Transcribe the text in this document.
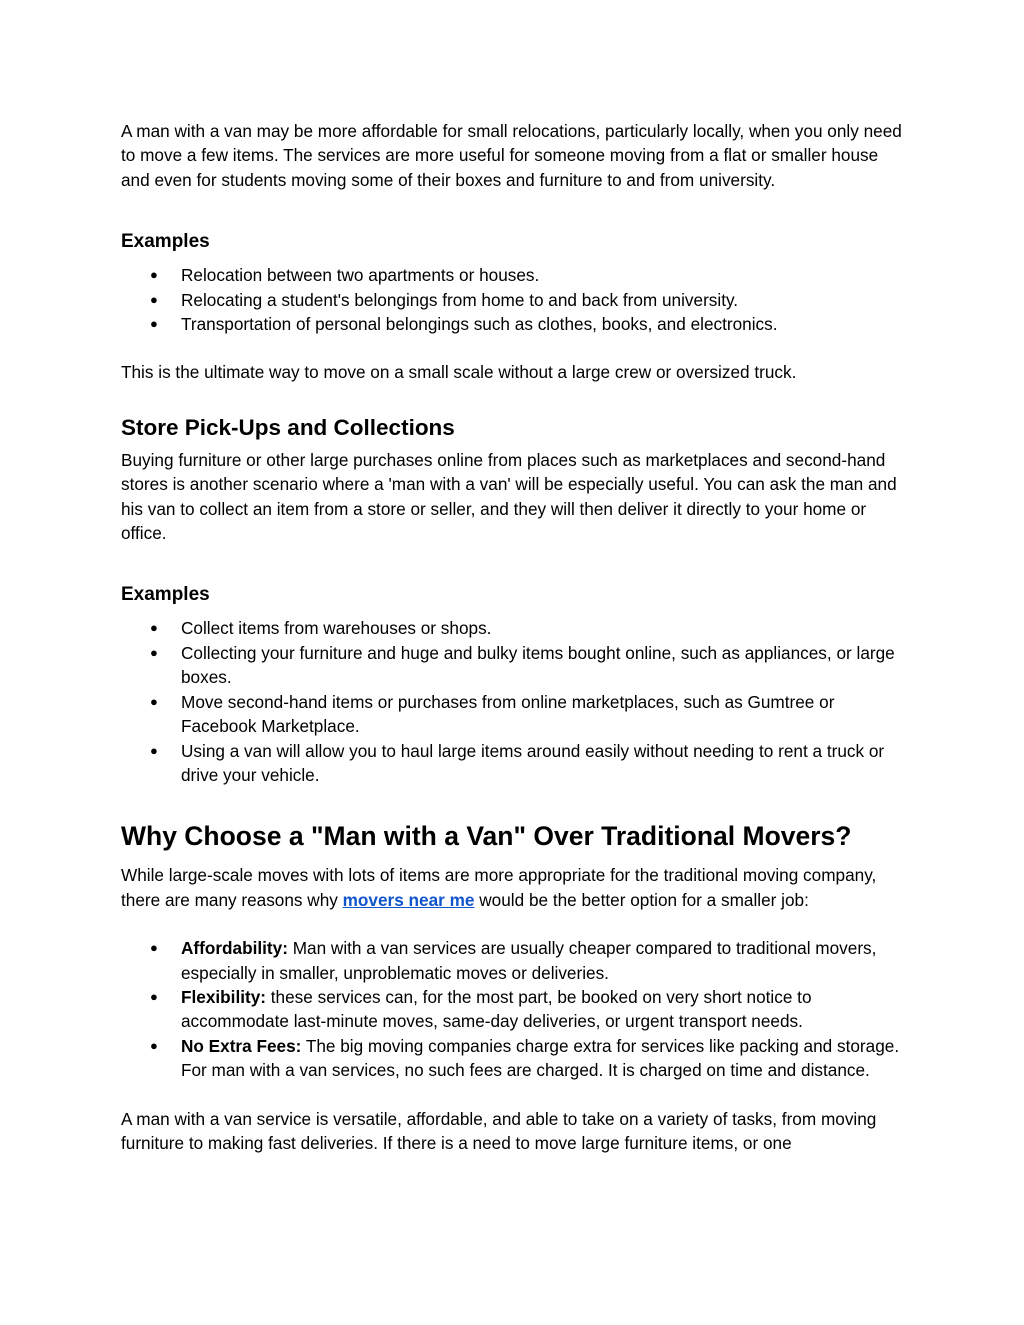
A man with a van may be more affordable for small relocations, particularly locally, when you only need to move a few items. The services are more useful for someone moving from a flat or smaller house and even for students moving some of their boxes and furniture to and from university.

Examples
● Relocation between two apartments or houses.
● Relocating a student's belongings from home to and back from university.
● Transportation of personal belongings such as clothes, books, and electronics.

This is the ultimate way to move on a small scale without a large crew or oversized truck.

Store Pick-Ups and Collections

Buying furniture or other large purchases online from places such as marketplaces and second-hand stores is another scenario where a 'man with a van' will be especially useful. You can ask the man and his van to collect an item from a store or seller, and they will then deliver it directly to your home or office.

Examples
● Collect items from warehouses or shops.
● Collecting your furniture and huge and bulky items bought online, such as appliances, or large boxes.
● Move second-hand items or purchases from online marketplaces, such as Gumtree or Facebook Marketplace.
● Using a van will allow you to haul large items around easily without needing to rent a truck or drive your vehicle.
Why Choose a "Man with a Van" Over Traditional Movers?

While large-scale moves with lots of items are more appropriate for the traditional moving company, there are many reasons why movers near me would be the better option for a smaller job:

● Affordability: Man with a van services are usually cheaper compared to traditional movers, especially in smaller, unproblematic moves or deliveries.
● Flexibility: these services can, for the most part, be booked on very short notice to accommodate last-minute moves, same-day deliveries, or urgent transport needs.
● No Extra Fees: The big moving companies charge extra for services like packing and storage. For man with a van services, no such fees are charged. It is charged on time and distance.

A man with a van service is versatile, affordable, and able to take on a variety of tasks, from moving furniture to making fast deliveries. If there is a need to move large furniture items, or one
